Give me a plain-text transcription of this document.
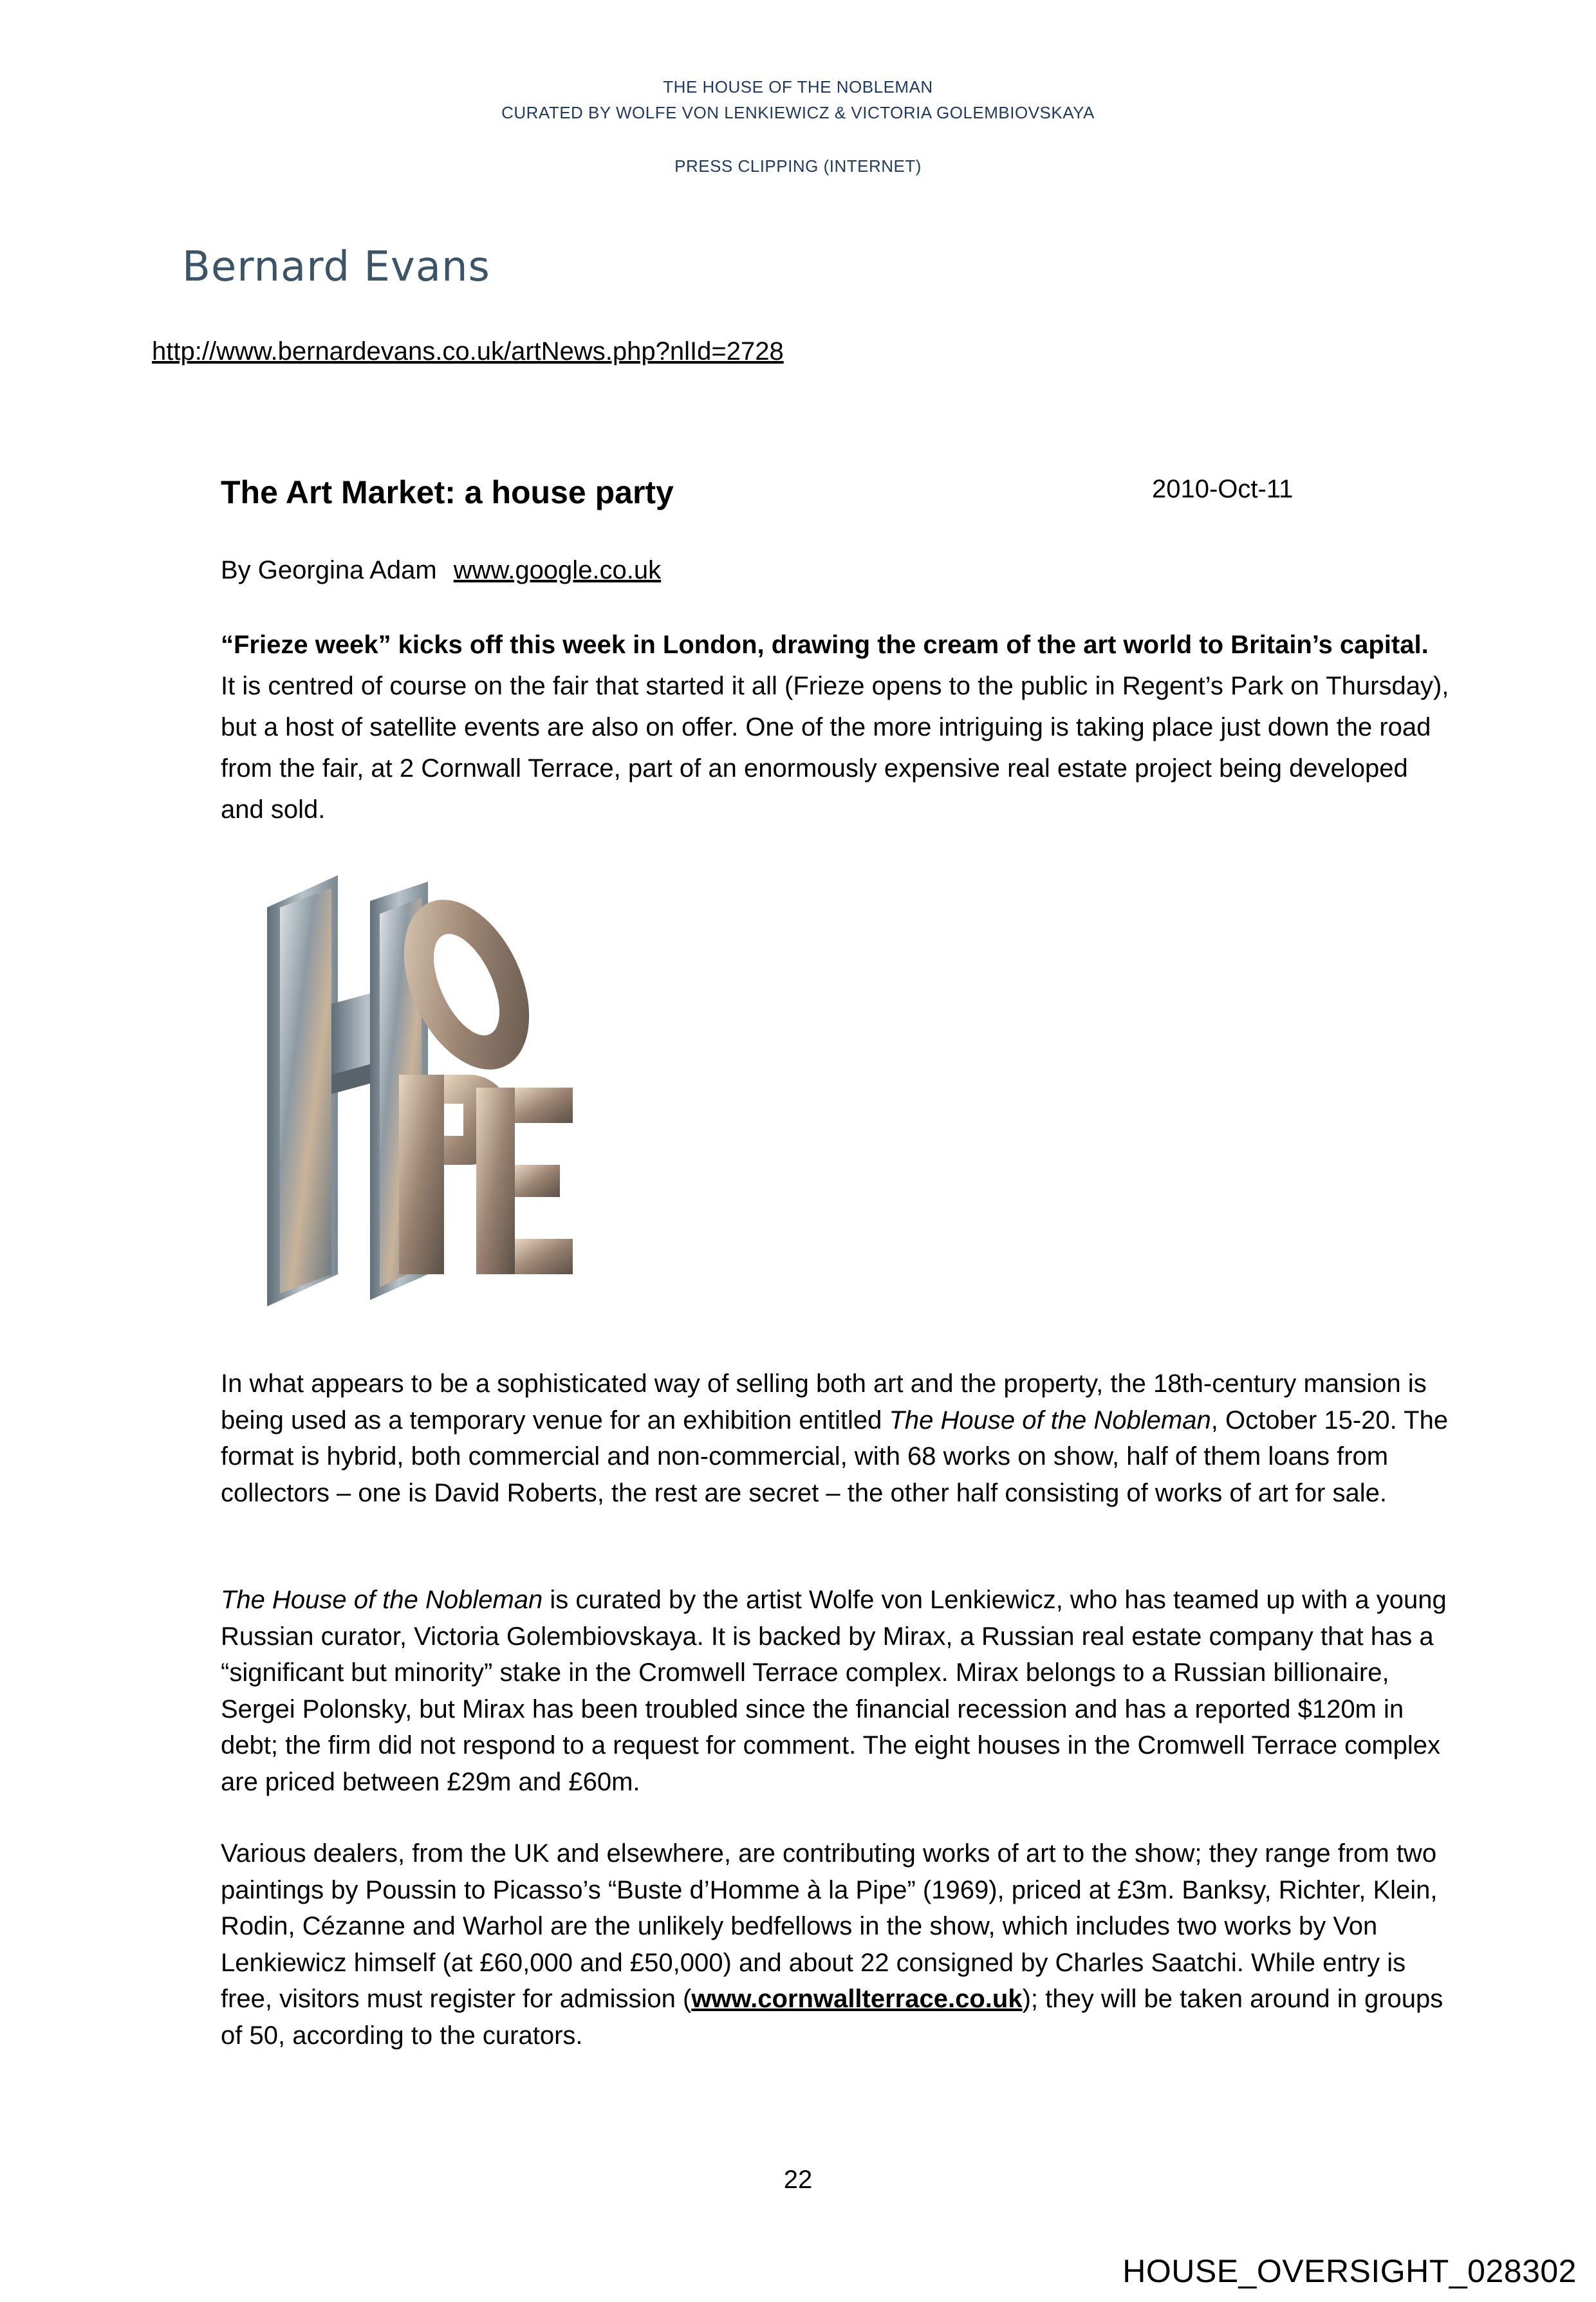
THE HOUSE OF THE NOBLEMAN
CURATED BY WOLFE VON LENKIEWICZ & VICTORIA GOLEMBIOVSKAYA
PRESS CLIPPING (INTERNET)
Bernard Evans
http://www.bernardevans.co.uk/artNews.php?nlId=2728
The Art Market: a house party	2010-Oct-11
By Georgina Adam www.google.co.uk
“Frieze week” kicks off this week in London, drawing the cream of the art world to Britain’s capital.
It is centred of course on the fair that started it all (Frieze opens to the public in Regent’s Park on Thursday), but a host of satellite events are also on offer. One of the more intriguing is taking place just down the road from the fair, at 2 Cornwall Terrace, part of an enormously expensive real estate project being developed and sold.
In what appears to be a sophisticated way of selling both art and the property, the 18th-century mansion is being used as a temporary venue for an exhibition entitled The House of the Nobleman, October 15-20. The format is hybrid, both commercial and non-commercial, with 68 works on show, half of them loans from collectors – one is David Roberts, the rest are secret – the other half consisting of works of art for sale.
The House of the Nobleman is curated by the artist Wolfe von Lenkiewicz, who has teamed up with a young Russian curator, Victoria Golembiovskaya. It is backed by Mirax, a Russian real estate company that has a “significant but minority” stake in the Cromwell Terrace complex. Mirax belongs to a Russian billionaire, Sergei Polonsky, but Mirax has been troubled since the financial recession and has a reported $120m in debt; the firm did not respond to a request for comment. The eight houses in the Cromwell Terrace complex are priced between £29m and £60m.
Various dealers, from the UK and elsewhere, are contributing works of art to the show; they range from two paintings by Poussin to Picasso’s “Buste d’Homme à la Pipe” (1969), priced at £3m. Banksy, Richter, Klein, Rodin, Cézanne and Warhol are the unlikely bedfellows in the show, which includes two works by Von Lenkiewicz himself (at £60,000 and £50,000) and about 22 consigned by Charles Saatchi. While entry is free, visitors must register for admission (www.cornwallterrace.co.uk); they will be taken around in groups of 50, according to the curators.
22
HOUSE_OVERSIGHT_028302
